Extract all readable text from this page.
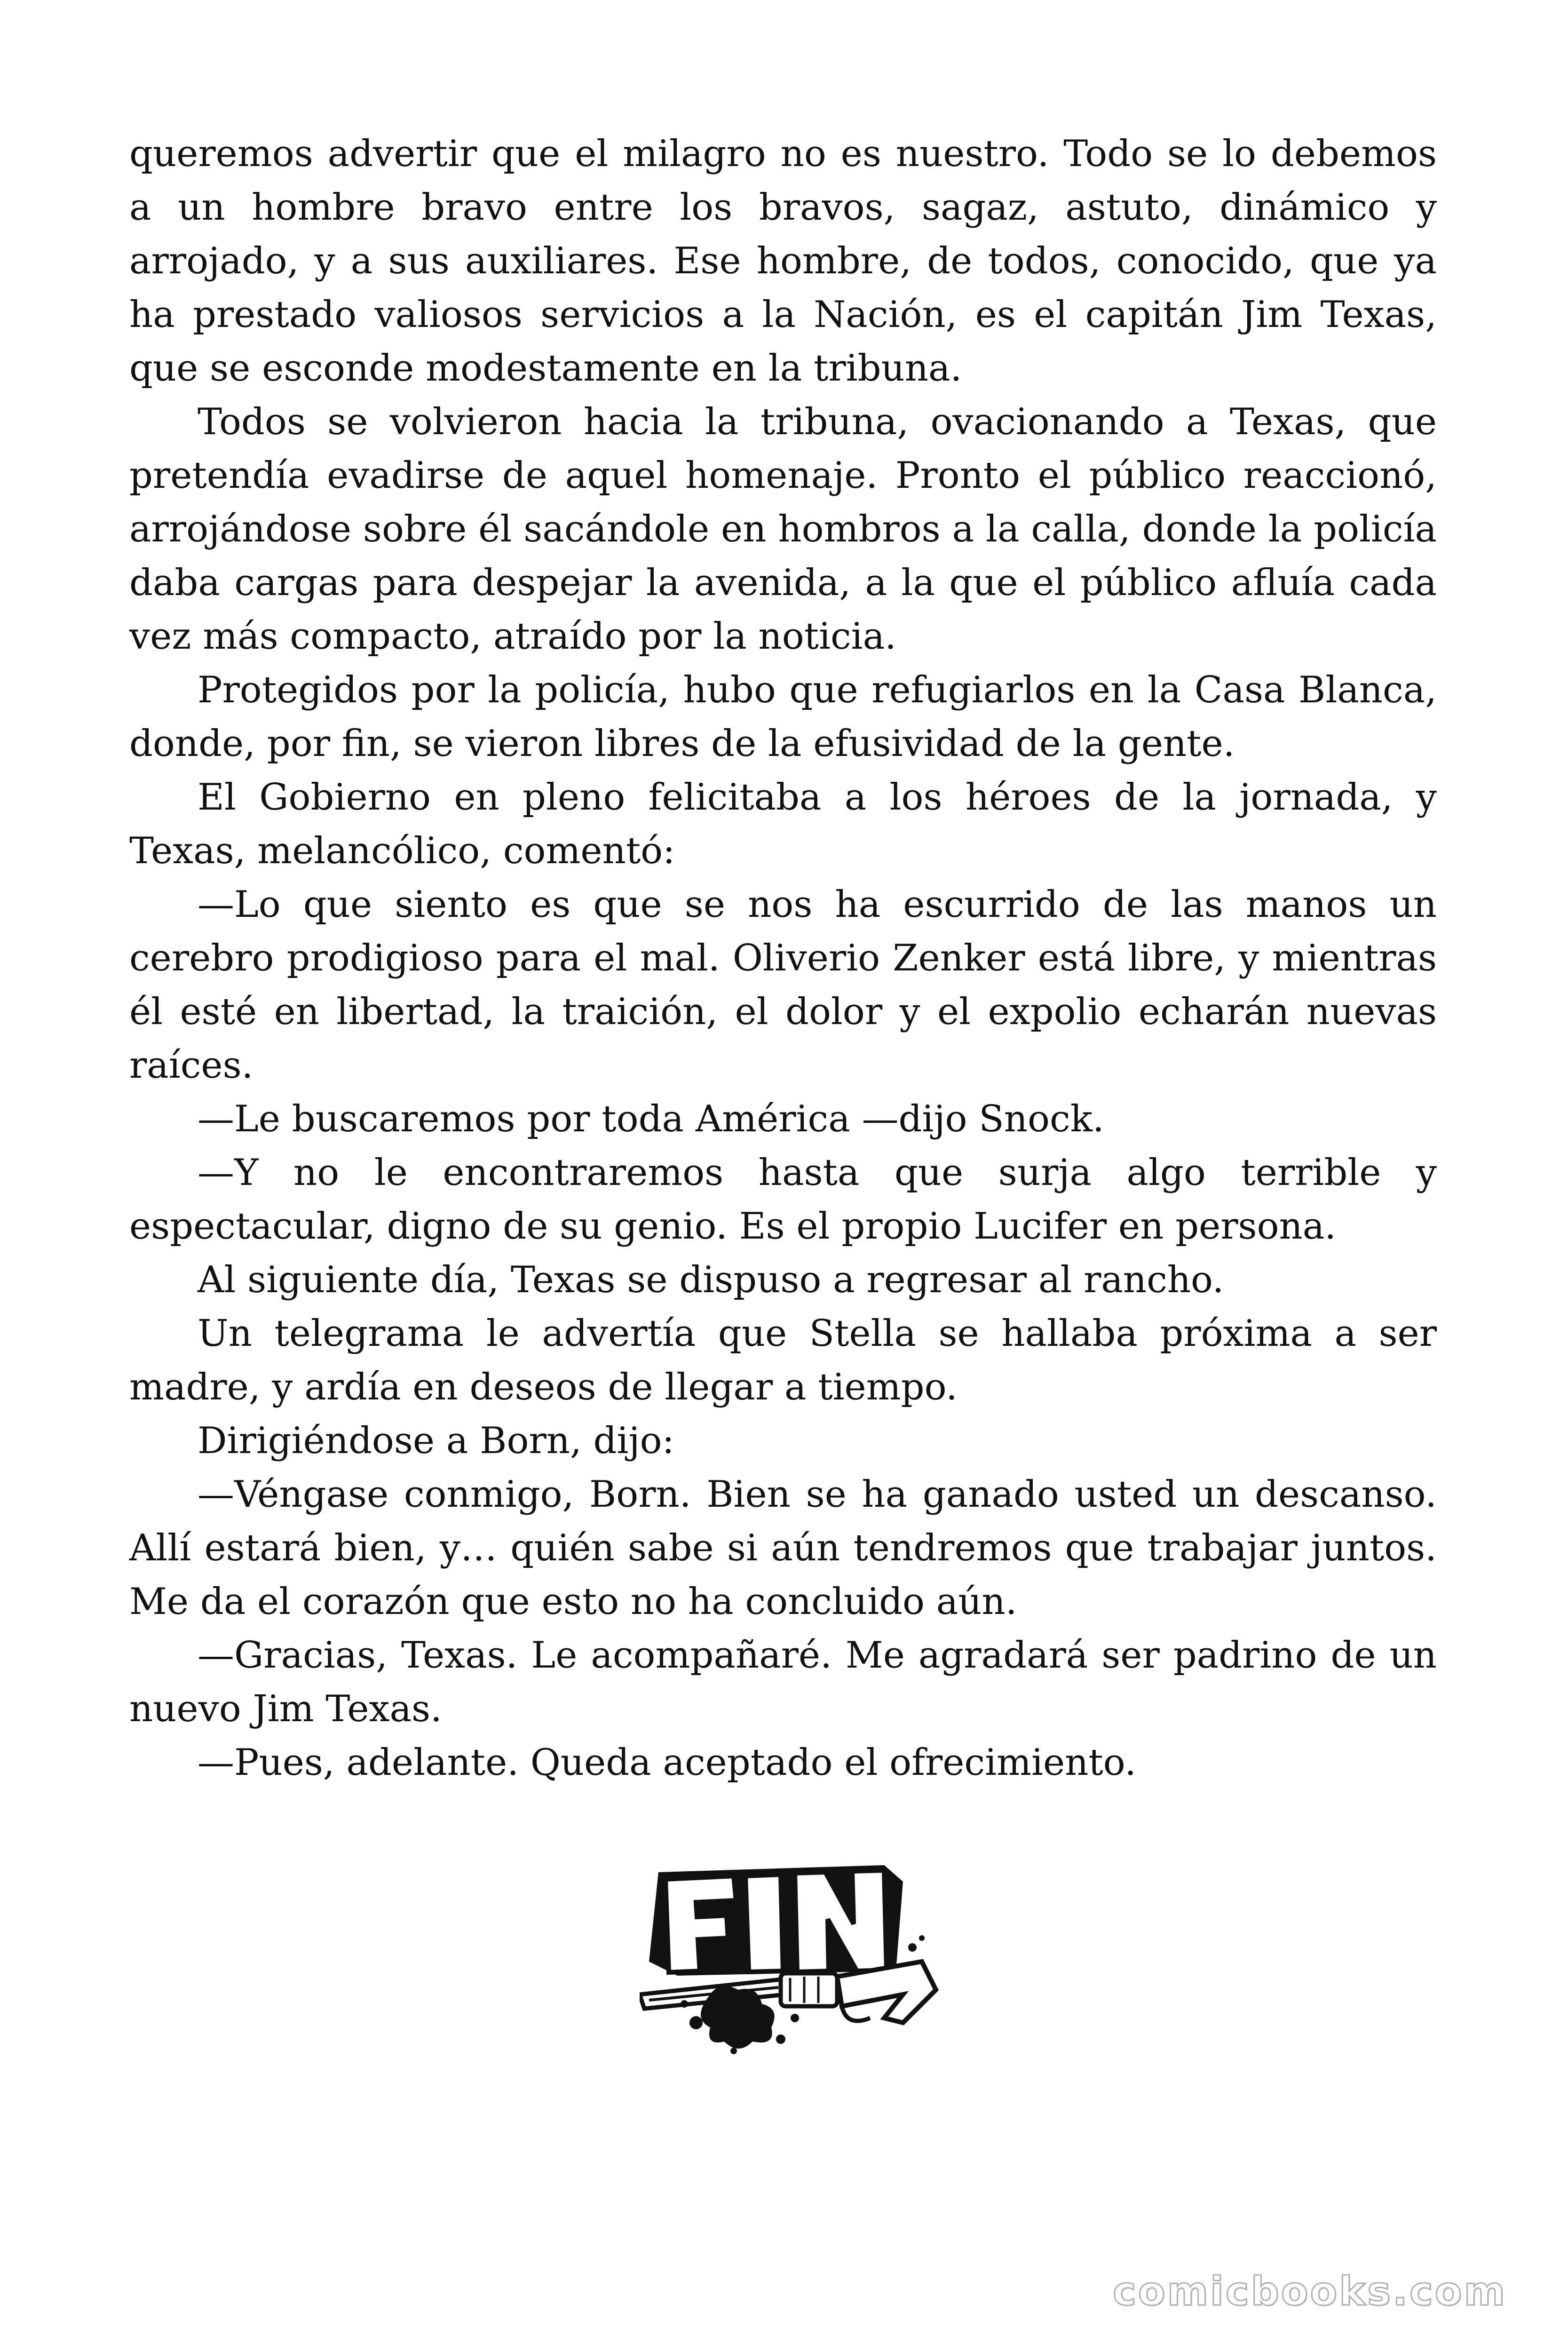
queremos advertir que el milagro no es nuestro. Todo se lo debemos a un hombre bravo entre los bravos, sagaz, astuto, dinámico y arrojado, y a sus auxiliares. Ese hombre, de todos, conocido, que ya ha prestado valiosos servicios a la Nación, es el capitán Jim Texas, que se esconde modestamente en la tribuna.

Todos se volvieron hacia la tribuna, ovacionando a Texas, que pretendía evadirse de aquel homenaje. Pronto el público reaccionó, arrojándose sobre él sacándole en hombros a la calla, donde la policía daba cargas para despejar la avenida, a la que el público afluía cada vez más compacto, atraído por la noticia.

Protegidos por la policía, hubo que refugiarlos en la Casa Blanca, donde, por fin, se vieron libres de la efusividad de la gente.

El Gobierno en pleno felicitaba a los héroes de la jornada, y Texas, melancólico, comentó:

—Lo que siento es que se nos ha escurrido de las manos un cerebro prodigioso para el mal. Oliverio Zenker está libre, y mientras él esté en libertad, la traición, el dolor y el expolio echarán nuevas raíces.

—Le buscaremos por toda América —dijo Snock.

—Y no le encontraremos hasta que surja algo terrible y espectacular, digno de su genio. Es el propio Lucifer en persona.

Al siguiente día, Texas se dispuso a regresar al rancho.

Un telegrama le advertía que Stella se hallaba próxima a ser madre, y ardía en deseos de llegar a tiempo.

Dirigiéndose a Born, dijo:

—Véngase conmigo, Born. Bien se ha ganado usted un descanso. Allí estará bien, y… quién sabe si aún tendremos que trabajar juntos. Me da el corazón que esto no ha concluido aún.

—Gracias, Texas. Le acompañaré. Me agradará ser padrino de un nuevo Jim Texas.

—Pues, adelante. Queda aceptado el ofrecimiento.

comicbooks.com
